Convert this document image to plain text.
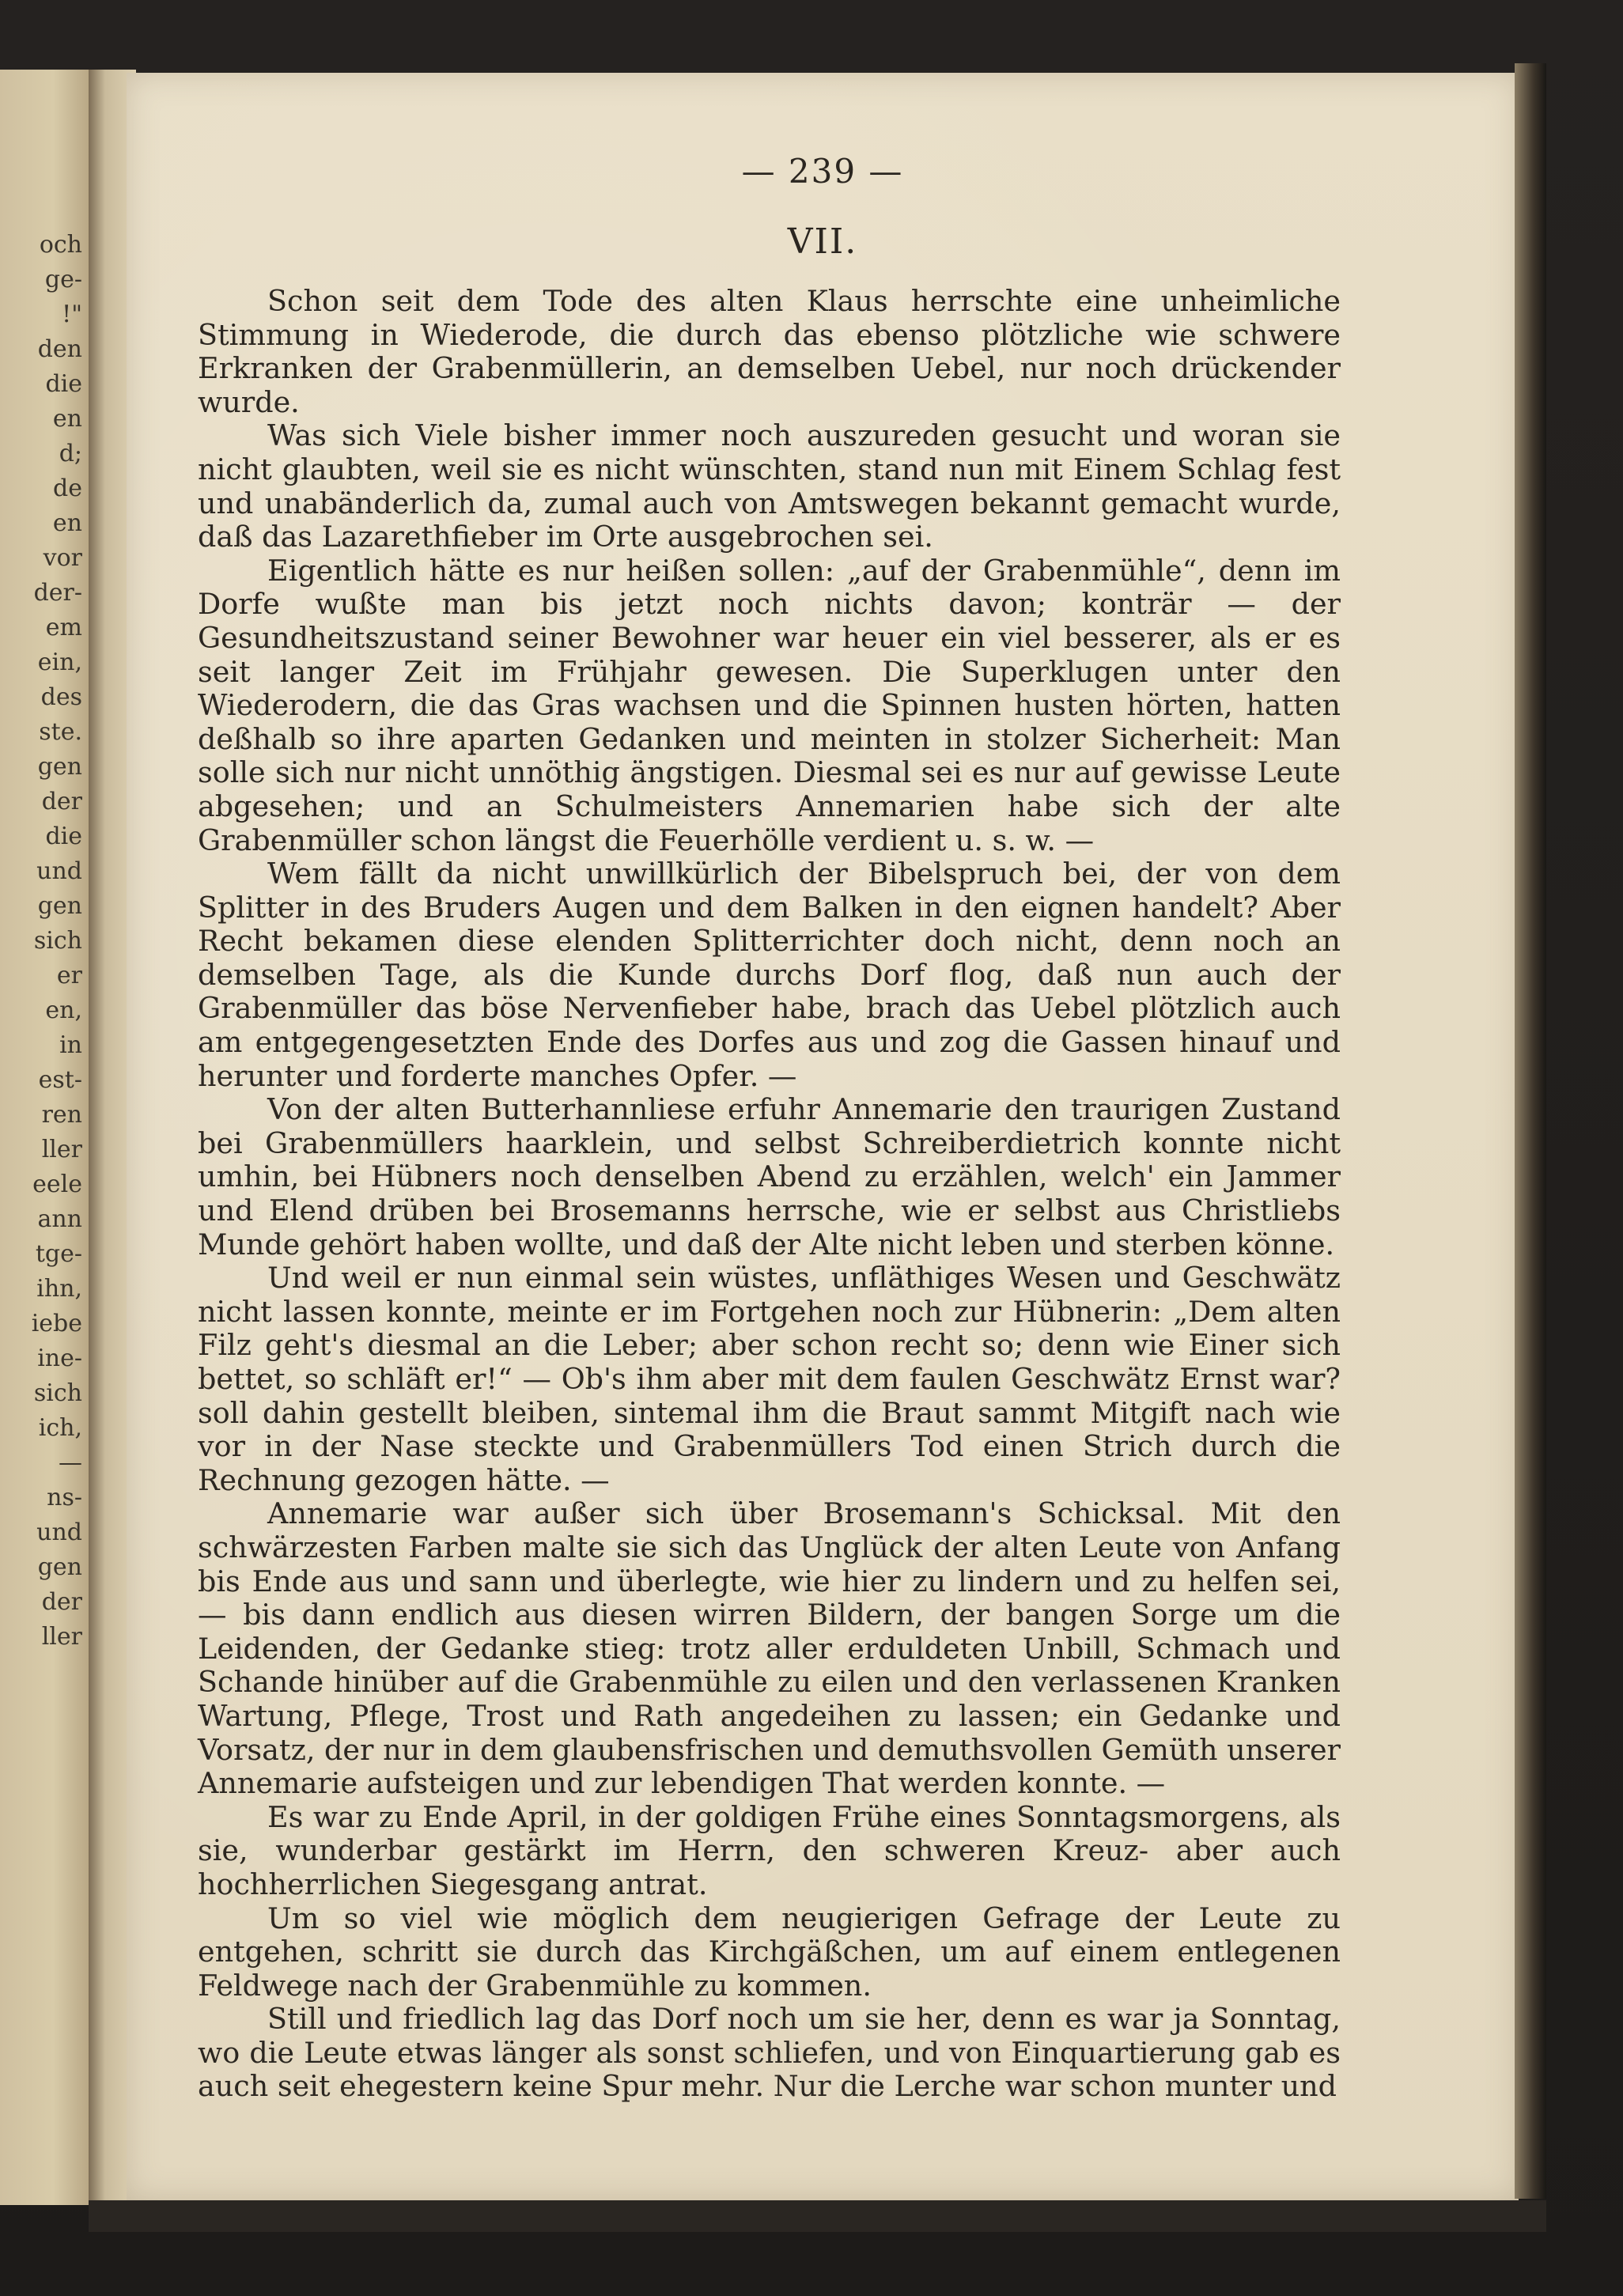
och
ge-
!"
den
die
en
d;
de
en
vor
der-
em
ein,
des
ste.
gen
der
die
und
gen
sich
er
en,
in
est-
ren
ller
eele
ann
tge-
ihn,
iebe
ine-
sich
ich,
—
ns-
und
gen
der
ller
— 239 —
VII.

Schon seit dem Tode des alten Klaus herrschte eine unheimliche Stimmung in Wiederode, die durch das ebenso plötzliche wie schwere Erkranken der Grabenmüllerin, an demselben Uebel, nur noch drückender wurde.

Was sich Viele bisher immer noch auszureden gesucht und woran sie nicht glaubten, weil sie es nicht wünschten, stand nun mit Einem Schlag fest und unabänderlich da, zumal auch von Amtswegen bekannt gemacht wurde, daß das Lazarethfieber im Orte ausgebrochen sei.

Eigentlich hätte es nur heißen sollen: „auf der Grabenmühle“, denn im Dorfe wußte man bis jetzt noch nichts davon; konträr — der Gesundheitszustand seiner Bewohner war heuer ein viel besserer, als er es seit langer Zeit im Frühjahr gewesen. Die Superklugen unter den Wiederodern, die das Gras wachsen und die Spinnen husten hörten, hatten deßhalb so ihre aparten Gedanken und meinten in stolzer Sicherheit: Man solle sich nur nicht unnöthig ängstigen. Diesmal sei es nur auf gewisse Leute abgesehen; und an Schulmeisters Annemarien habe sich der alte Grabenmüller schon längst die Feuerhölle verdient u. s. w. —

Wem fällt da nicht unwillkürlich der Bibelspruch bei, der von dem Splitter in des Bruders Augen und dem Balken in den eignen handelt? Aber Recht bekamen diese elenden Splitterrichter doch nicht, denn noch an demselben Tage, als die Kunde durchs Dorf flog, daß nun auch der Grabenmüller das böse Nervenfieber habe, brach das Uebel plötzlich auch am entgegengesetzten Ende des Dorfes aus und zog die Gassen hinauf und herunter und forderte manches Opfer. —

Von der alten Butterhannliese erfuhr Annemarie den traurigen Zustand bei Grabenmüllers haarklein, und selbst Schreiberdietrich konnte nicht umhin, bei Hübners noch denselben Abend zu erzählen, welch' ein Jammer und Elend drüben bei Brosemanns herrsche, wie er selbst aus Christliebs Munde gehört haben wollte, und daß der Alte nicht leben und sterben könne.

Und weil er nun einmal sein wüstes, unfläthiges Wesen und Geschwätz nicht lassen konnte, meinte er im Fortgehen noch zur Hübnerin: „Dem alten Filz geht's diesmal an die Leber; aber schon recht so; denn wie Einer sich bettet, so schläft er!“ — Ob's ihm aber mit dem faulen Geschwätz Ernst war? soll dahin gestellt bleiben, sintemal ihm die Braut sammt Mitgift nach wie vor in der Nase steckte und Grabenmüllers Tod einen Strich durch die Rechnung gezogen hätte. —

Annemarie war außer sich über Brosemann's Schicksal. Mit den schwärzesten Farben malte sie sich das Unglück der alten Leute von Anfang bis Ende aus und sann und überlegte, wie hier zu lindern und zu helfen sei, — bis dann endlich aus diesen wirren Bildern, der bangen Sorge um die Leidenden, der Gedanke stieg: trotz aller erduldeten Unbill, Schmach und Schande hinüber auf die Grabenmühle zu eilen und den verlassenen Kranken Wartung, Pflege, Trost und Rath angedeihen zu lassen; ein Gedanke und Vorsatz, der nur in dem glaubensfrischen und demuthsvollen Gemüth unserer Annemarie aufsteigen und zur lebendigen That werden konnte. —

Es war zu Ende April, in der goldigen Frühe eines Sonntagsmorgens, als sie, wunderbar gestärkt im Herrn, den schweren Kreuz- aber auch hochherrlichen Siegesgang antrat.

Um so viel wie möglich dem neugierigen Gefrage der Leute zu entgehen, schritt sie durch das Kirchgäßchen, um auf einem entlegenen Feldwege nach der Grabenmühle zu kommen.

Still und friedlich lag das Dorf noch um sie her, denn es war ja Sonntag, wo die Leute etwas länger als sonst schliefen, und von Einquartierung gab es auch seit ehegestern keine Spur mehr. Nur die Lerche war schon munter und
